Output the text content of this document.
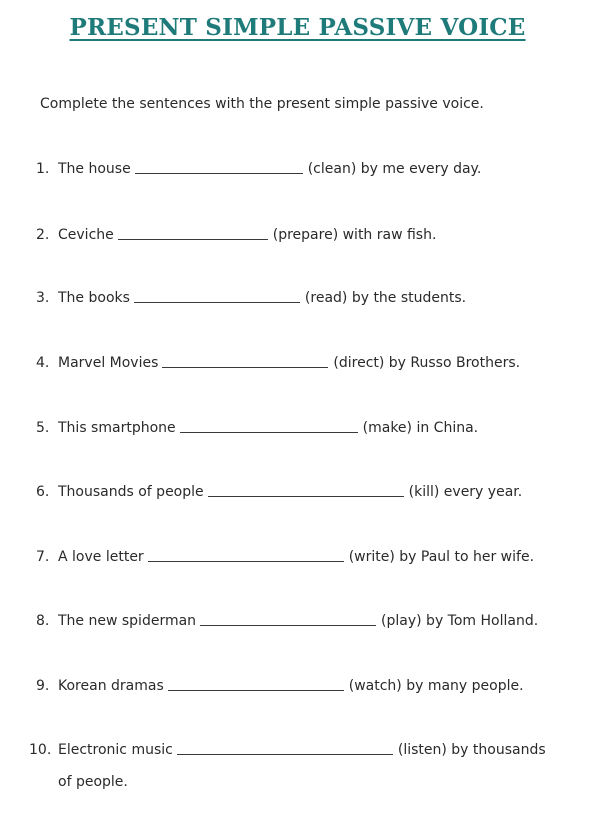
PRESENT SIMPLE PASSIVE VOICE
Complete the sentences with the present simple passive voice.
1. The house	(clean) by me every day.
2. Ceviche	(prepare) with raw fish.
3. The books	(read) by the students.
4. Marvel Movies	(direct) by Russo Brothers.
5. This smartphone	(make) in China.
6. Thousands of people	(kill) every year.
7. A love letter	(write) by Paul to her wife.
8. The new spiderman	(play) by Tom Holland.
9. Korean dramas	(watch) by many people.
10. Electronic music	(listen) by thousands
of people.
